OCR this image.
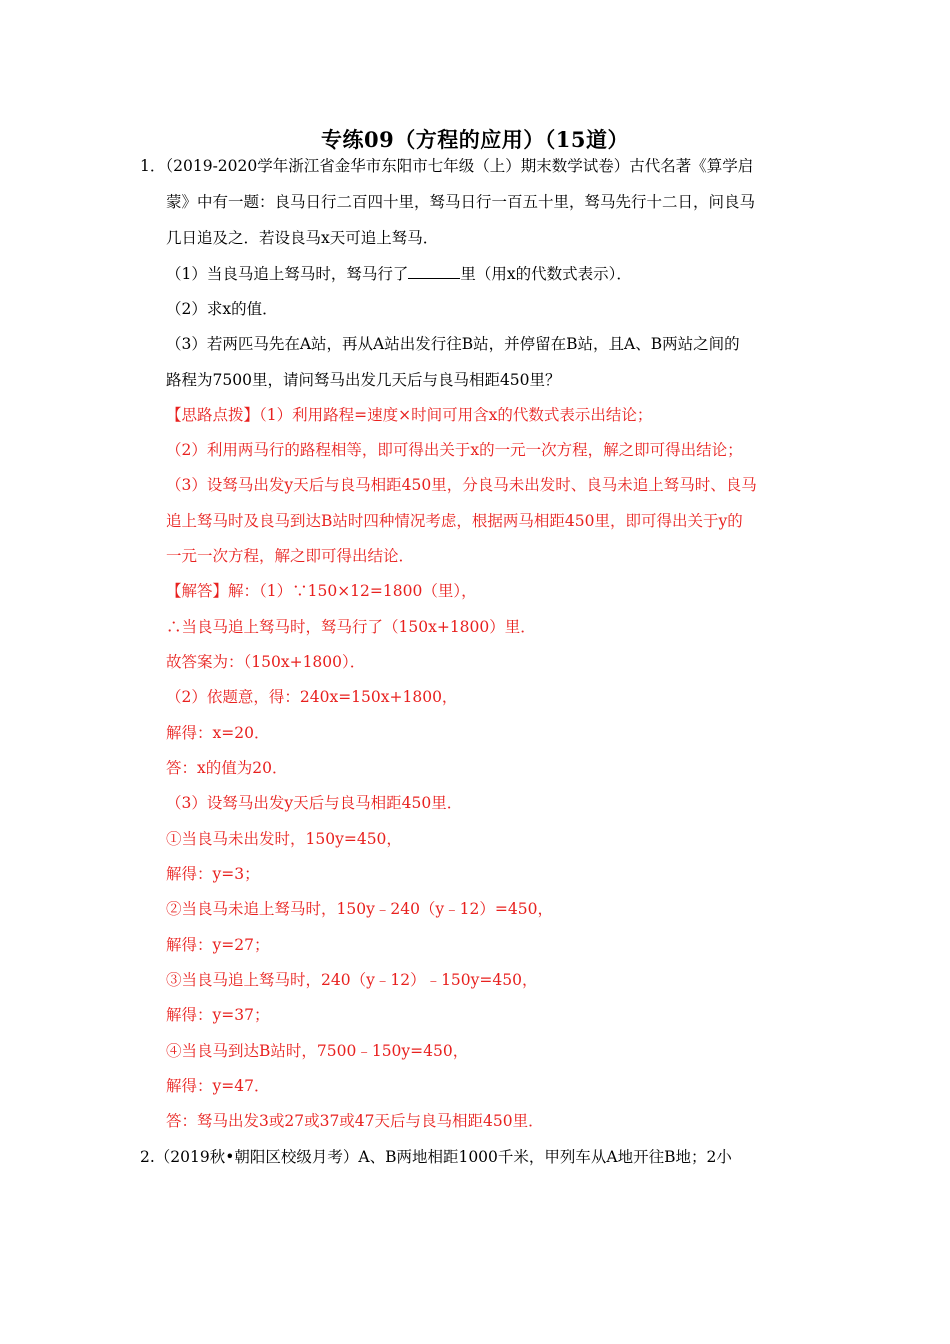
专练09（方程的应用）（15道）
1．（2019-2020学年浙江省金华市东阳市七年级（上）期末数学试卷）古代名著《算学启
蒙》中有一题：良马日行二百四十里，驽马日行一百五十里，驽马先行十二日，问良马
几日追及之．若设良马x天可追上驽马．
（1）当良马追上驽马时，驽马行了	里（用x的代数式表示）．
（2）求x的值．
（3）若两匹马先在A站，再从A站出发行往B站，并停留在B站，且A、B两站之间的
路程为7500里，请问驽马出发几天后与良马相距450里？
【思路点拨】（1）利用路程=速度×时间可用含x的代数式表示出结论；
（2）利用两马行的路程相等，即可得出关于x的一元一次方程，解之即可得出结论；
（3）设驽马出发y天后与良马相距450里，分良马未出发时、良马未追上驽马时、良马
追上驽马时及良马到达B站时四种情况考虑，根据两马相距450里，即可得出关于y的
一元一次方程，解之即可得出结论．
【解答】解：（1）∵150×12=1800（里），
∴当良马追上驽马时，驽马行了（150x+1800）里．
故答案为：（150x+1800）．
（2）依题意，得：240x=150x+1800，
解得：x=20．
答：x的值为20．
（3）设驽马出发y天后与良马相距450里．
①当良马未出发时，150y=450，
解得：y=3；
②当良马未追上驽马时，150y﹣240（y﹣12）=450，
解得：y=27；
③当良马追上驽马时，240（y﹣12）﹣150y=450，
解得：y=37；
④当良马到达B站时，7500﹣150y=450，
解得：y=47．
答：驽马出发3或27或37或47天后与良马相距450里．
2.（2019秋•朝阳区校级月考）A、B两地相距1000千米，甲列车从A地开往B地；2小
